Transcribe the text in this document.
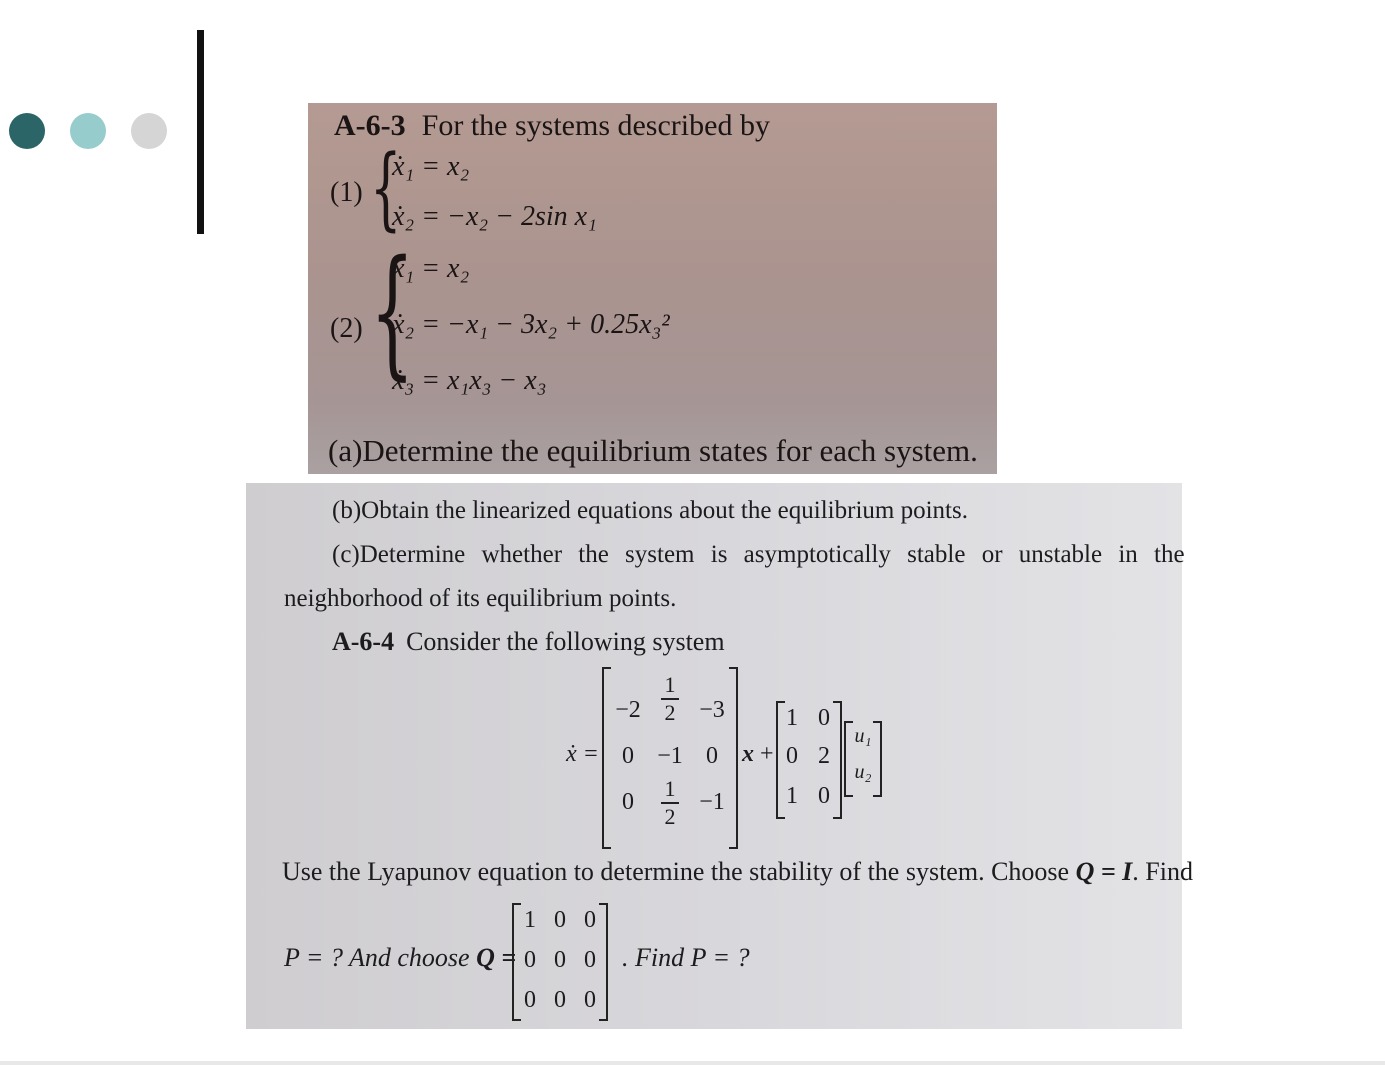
A-6-3 For the systems described by
(1) {
ẋ₁ = x₂
ẋ₂ = −x₂ − 2sin x₁
(2) {
ẋ₁ = x₂
ẋ₂ = −x₁ − 3x₂ + 0.25x₃²
ẋ₃ = x₁x₃ − x₃
(a)Determine the equilibrium states for each system.
(b)Obtain the linearized equations about the equilibrium points.
(c)Determine whether the system is asymptotically stable or unstable in the
neighborhood of its equilibrium points.
A-6-4 Consider the following system
ẋ =
−2
1
2 −3
0 −1 0
0
1
2
−1
x +
1 0
0 2
1 0
u₁
u₂
Use the Lyapunov equation to determine the stability of the system. Choose Q = I. Find
P = ? And choose Q =
1 0 0
0 0 0
0 0 0
. Find P = ?
